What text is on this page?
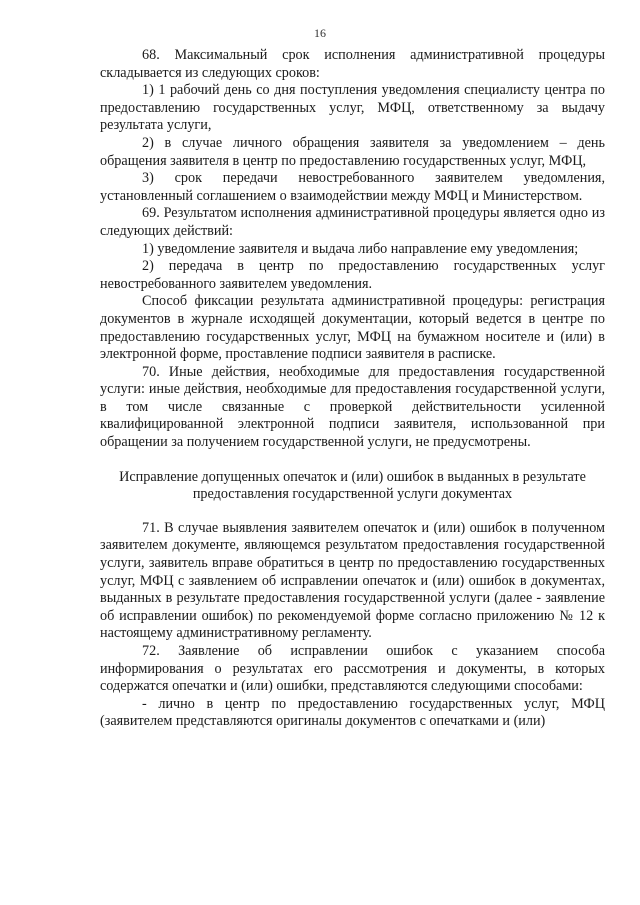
16

68. Максимальный срок исполнения административной процедуры складывается из следующих сроков:

1) 1 рабочий день со дня поступления уведомления специалисту центра по предоставлению государственных услуг, МФЦ, ответственному за выдачу результата услуги,

2) в случае личного обращения заявителя за уведомлением – день обращения заявителя в центр по предоставлению государственных услуг, МФЦ,

3) срок передачи невостребованного заявителем уведомления, установленный соглашением о взаимодействии между МФЦ и Министерством.

69. Результатом исполнения административной процедуры является одно из следующих действий:

1) уведомление заявителя и выдача либо направление ему уведомления;

2) передача в центр по предоставлению государственных услуг невостребованного заявителем уведомления.

Способ фиксации результата административной процедуры: регистрация документов в журнале исходящей документации, который ведется в центре по предоставлению государственных услуг, МФЦ на бумажном носителе и (или) в электронной форме, проставление подписи заявителя в расписке.

70. Иные действия, необходимые для предоставления государственной услуги: иные действия, необходимые для предоставления государственной услуги, в том числе связанные с проверкой действительности усиленной квалифицированной электронной подписи заявителя, использованной при обращении за получением государственной услуги, не предусмотрены.

Исправление допущенных опечаток и (или) ошибок в выданных в результате
предоставления государственной услуги документах

71. В случае выявления заявителем опечаток и (или) ошибок в полученном заявителем документе, являющемся результатом предоставления государственной услуги, заявитель вправе обратиться в центр по предоставлению государственных услуг, МФЦ с заявлением об исправлении опечаток и (или) ошибок в документах, выданных в результате предоставления государственной услуги (далее - заявление об исправлении ошибок) по рекомендуемой форме согласно приложению № 12 к настоящему административному регламенту.

72. Заявление об исправлении ошибок с указанием способа информирования о результатах его рассмотрения и документы, в которых содержатся опечатки и (или) ошибки, представляются следующими способами:

- лично в центр по предоставлению государственных услуг, МФЦ (заявителем представляются оригиналы документов с опечатками и (или)
